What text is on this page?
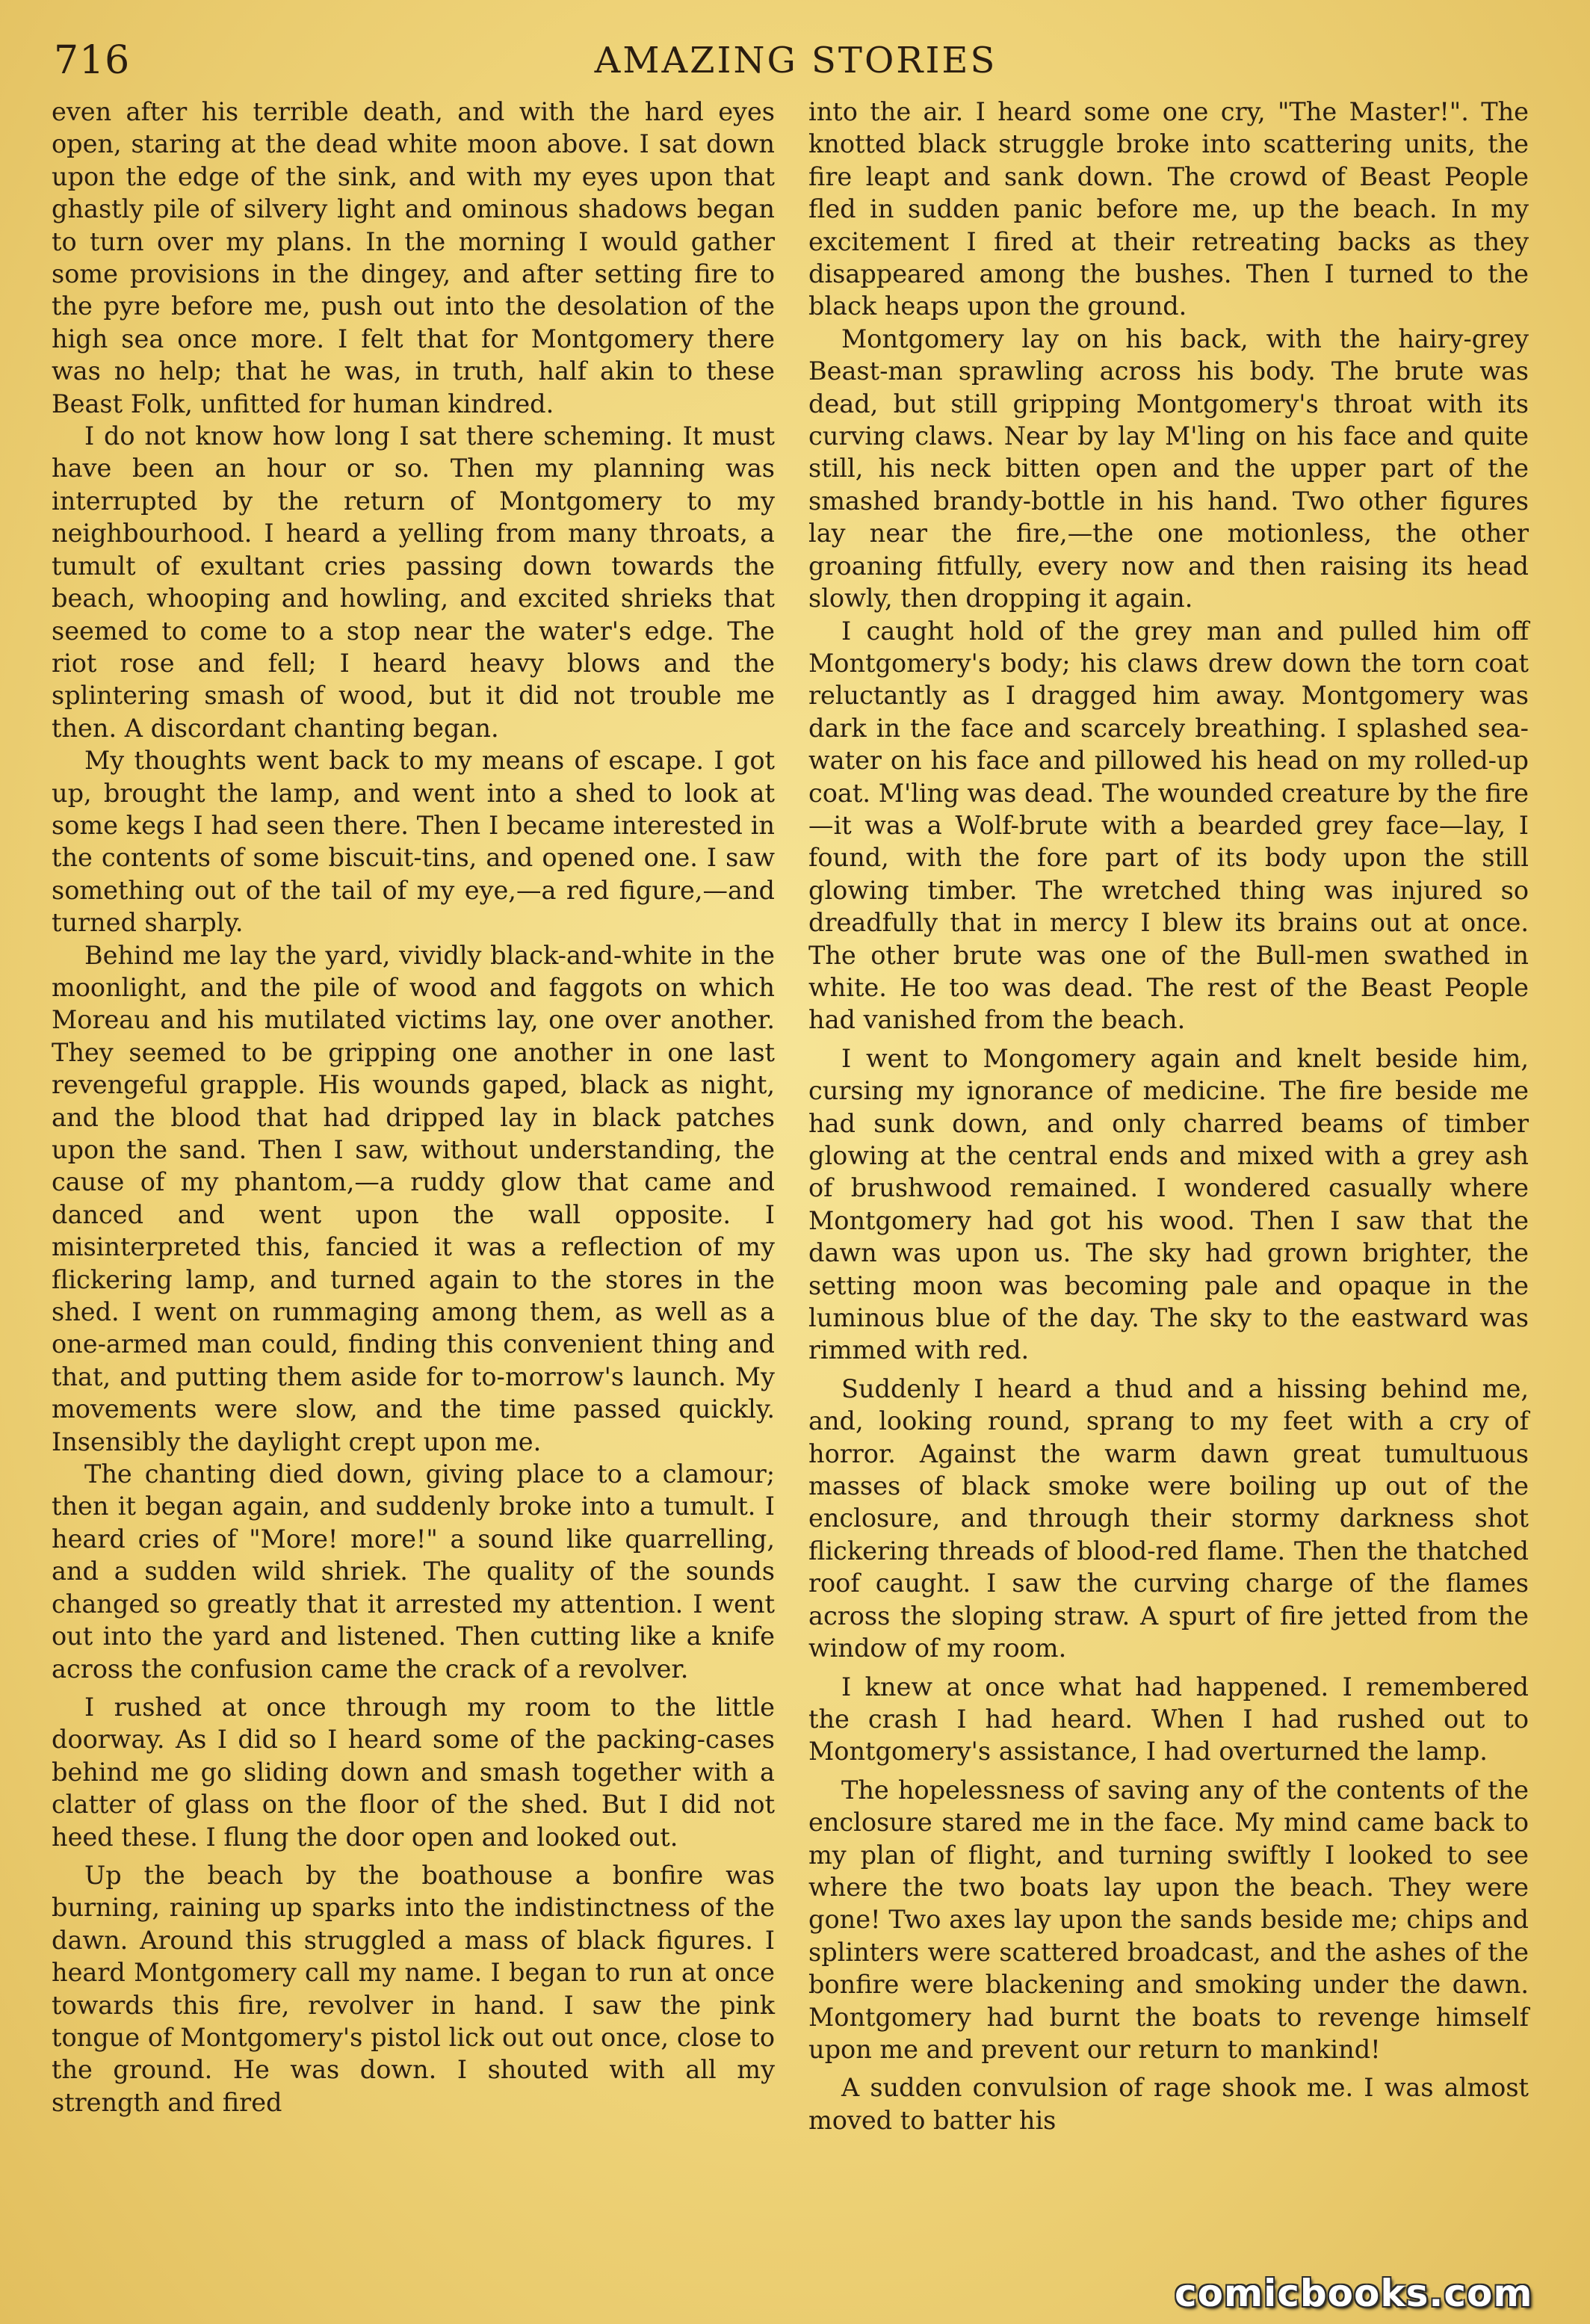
716	AMAZING STORIES

even after his terrible death, and with the hard eyes open, staring at the dead white moon above. I sat down upon the edge of the sink, and with my eyes upon that ghastly pile of silvery light and ominous shadows began to turn over my plans. In the morning I would gather some provisions in the dingey, and after setting fire to the pyre before me, push out into the desolation of the high sea once more. I felt that for Montgomery there was no help; that he was, in truth, half akin to these Beast Folk, unfitted for human kindred.

I do not know how long I sat there scheming. It must have been an hour or so. Then my planning was interrupted by the return of Montgomery to my neighbourhood. I heard a yelling from many throats, a tumult of exultant cries passing down towards the beach, whooping and howling, and excited shrieks that seemed to come to a stop near the water's edge. The riot rose and fell; I heard heavy blows and the splintering smash of wood, but it did not trouble me then. A discordant chanting began.

My thoughts went back to my means of escape. I got up, brought the lamp, and went into a shed to look at some kegs I had seen there. Then I became interested in the contents of some biscuit-tins, and opened one. I saw something out of the tail of my eye,—a red figure,—and turned sharply.

Behind me lay the yard, vividly black-and-white in the moonlight, and the pile of wood and faggots on which Moreau and his mutilated victims lay, one over another. They seemed to be gripping one another in one last revengeful grapple. His wounds gaped, black as night, and the blood that had dripped lay in black patches upon the sand. Then I saw, without understanding, the cause of my phantom,—a ruddy glow that came and danced and went upon the wall opposite. I misinterpreted this, fancied it was a reflection of my flickering lamp, and turned again to the stores in the shed. I went on rummaging among them, as well as a one-armed man could, finding this convenient thing and that, and putting them aside for to-morrow's launch. My movements were slow, and the time passed quickly. Insensibly the daylight crept upon me.

The chanting died down, giving place to a clamour; then it began again, and suddenly broke into a tumult. I heard cries of "More! more!" a sound like quarrelling, and a sudden wild shriek. The quality of the sounds changed so greatly that it arrested my attention. I went out into the yard and listened. Then cutting like a knife across the confusion came the crack of a revolver.

I rushed at once through my room to the little doorway. As I did so I heard some of the packing-cases behind me go sliding down and smash together with a clatter of glass on the floor of the shed. But I did not heed these. I flung the door open and looked out.

Up the beach by the boathouse a bonfire was burning, raining up sparks into the indistinctness of the dawn. Around this struggled a mass of black figures. I heard Montgomery call my name. I began to run at once towards this fire, revolver in hand. I saw the pink tongue of Montgomery's pistol lick out out once, close to the ground. He was down. I shouted with all my strength and fired

into the air. I heard some one cry, "The Master!". The knotted black struggle broke into scattering units, the fire leapt and sank down. The crowd of Beast People fled in sudden panic before me, up the beach. In my excitement I fired at their retreating backs as they disappeared among the bushes. Then I turned to the black heaps upon the ground.

Montgomery lay on his back, with the hairy-grey Beast-man sprawling across his body. The brute was dead, but still gripping Montgomery's throat with its curving claws. Near by lay M'ling on his face and quite still, his neck bitten open and the upper part of the smashed brandy-bottle in his hand. Two other figures lay near the fire,—the one motionless, the other groaning fitfully, every now and then raising its head slowly, then dropping it again.

I caught hold of the grey man and pulled him off Montgomery's body; his claws drew down the torn coat reluctantly as I dragged him away. Montgomery was dark in the face and scarcely breathing. I splashed sea-water on his face and pillowed his head on my rolled-up coat. M'ling was dead. The wounded creature by the fire—it was a Wolf-brute with a bearded grey face—lay, I found, with the fore part of its body upon the still glowing timber. The wretched thing was injured so dreadfully that in mercy I blew its brains out at once. The other brute was one of the Bull-men swathed in white. He too was dead. The rest of the Beast People had vanished from the beach.

I went to Mongomery again and knelt beside him, cursing my ignorance of medicine. The fire beside me had sunk down, and only charred beams of timber glowing at the central ends and mixed with a grey ash of brushwood remained. I wondered casually where Montgomery had got his wood. Then I saw that the dawn was upon us. The sky had grown brighter, the setting moon was becoming pale and opaque in the luminous blue of the day. The sky to the eastward was rimmed with red.

Suddenly I heard a thud and a hissing behind me, and, looking round, sprang to my feet with a cry of horror. Against the warm dawn great tumultuous masses of black smoke were boiling up out of the enclosure, and through their stormy darkness shot flickering threads of blood-red flame. Then the thatched roof caught. I saw the curving charge of the flames across the sloping straw. A spurt of fire jetted from the window of my room.

I knew at once what had happened. I remembered the crash I had heard. When I had rushed out to Montgomery's assistance, I had overturned the lamp.

The hopelessness of saving any of the contents of the enclosure stared me in the face. My mind came back to my plan of flight, and turning swiftly I looked to see where the two boats lay upon the beach. They were gone! Two axes lay upon the sands beside me; chips and splinters were scattered broadcast, and the ashes of the bonfire were blackening and smoking under the dawn. Montgomery had burnt the boats to revenge himself upon me and prevent our return to mankind!

A sudden convulsion of rage shook me. I was almost moved to batter his

comicbooks.com
